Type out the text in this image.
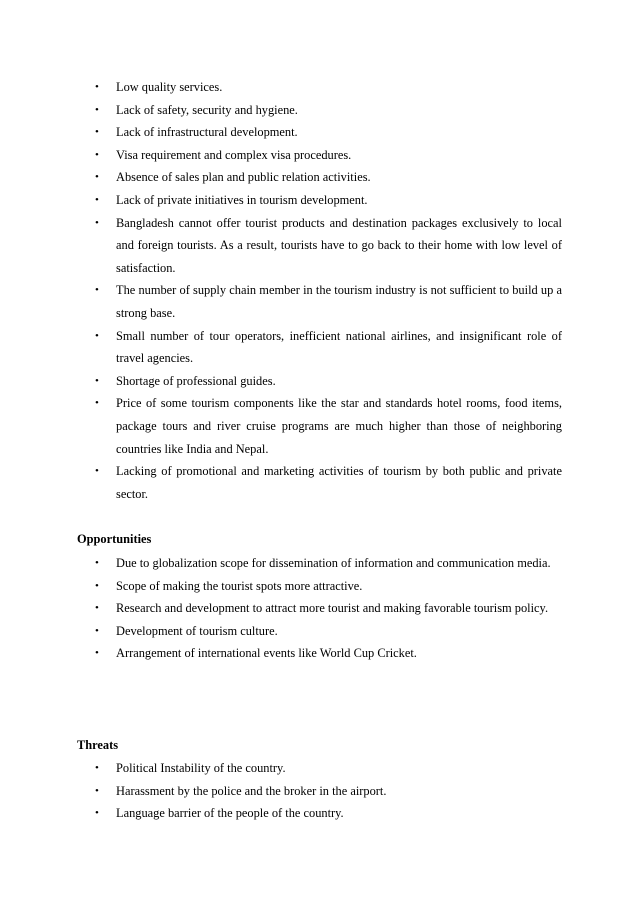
• Low quality services.
• Lack of safety, security and hygiene.
• Lack of infrastructural development.
• Visa requirement and complex visa procedures.
• Absence of sales plan and public relation activities.
• Lack of private initiatives in tourism development.
• Bangladesh cannot offer tourist products and destination packages exclusively to local and foreign tourists. As a result, tourists have to go back to their home with low level of satisfaction.
• The number of supply chain member in the tourism industry is not sufficient to build up a strong base.
• Small number of tour operators, inefficient national airlines, and insignificant role of travel agencies.
• Shortage of professional guides.
• Price of some tourism components like the star and standards hotel rooms, food items, package tours and river cruise programs are much higher than those of neighboring countries like India and Nepal.
• Lacking of promotional and marketing activities of tourism by both public and private sector.
Opportunities
• Due to globalization scope for dissemination of information and communication media.
• Scope of making the tourist spots more attractive.
• Research and development to attract more tourist and making favorable tourism policy.
• Development of tourism culture.
• Arrangement of international events like World Cup Cricket.
Threats
• Political Instability of the country.
• Harassment by the police and the broker in the airport.
• Language barrier of the people of the country.
